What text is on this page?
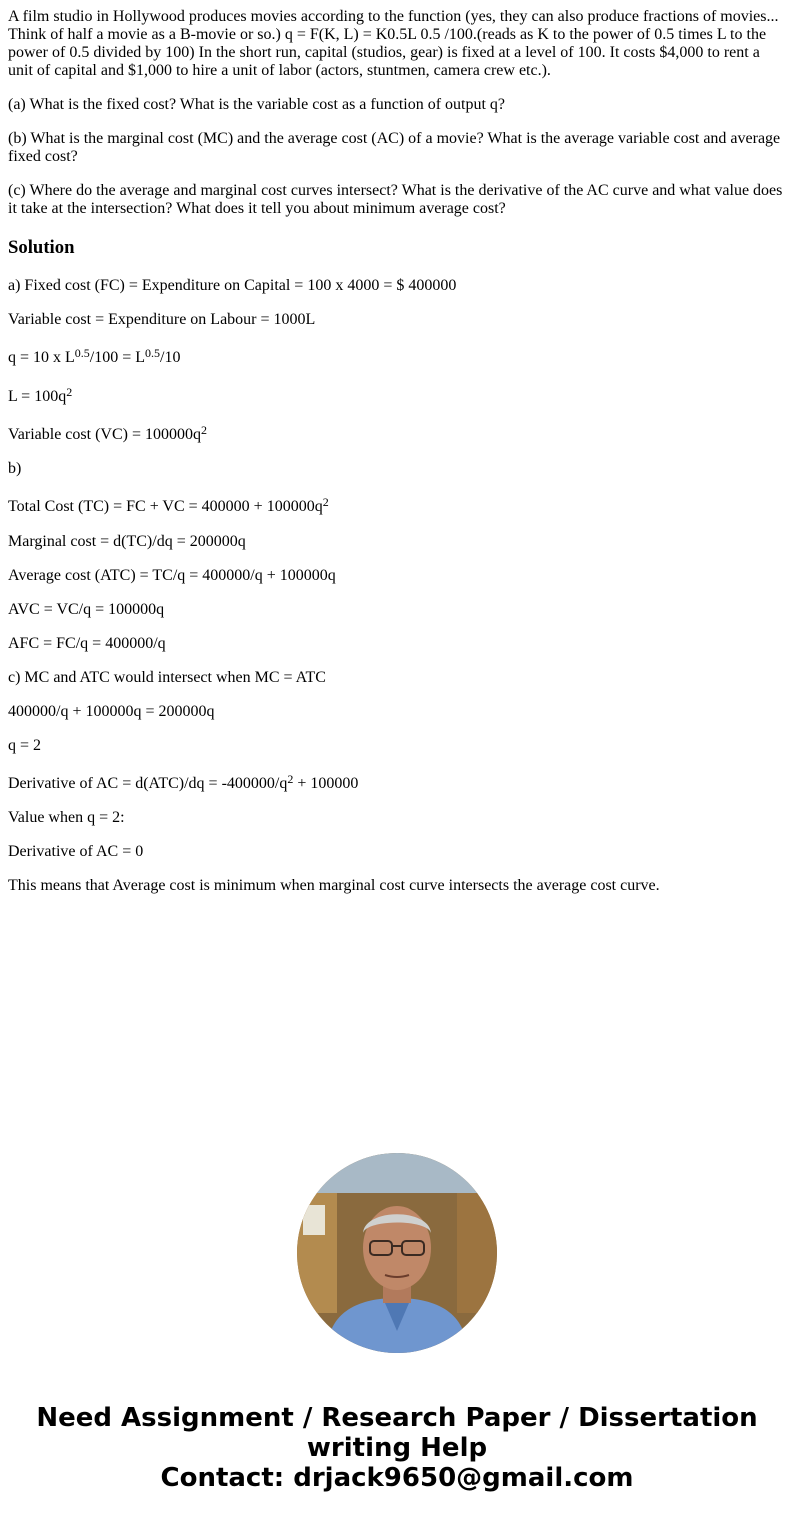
A film studio in Hollywood produces movies according to the function (yes, they can also produce fractions of movies... Think of half a movie as a B-movie or so.) q = F(K, L) = K0.5L 0.5 /100.(reads as K to the power of 0.5 times L to the power of 0.5 divided by 100) In the short run, capital (studios, gear) is fixed at a level of 100. It costs $4,000 to rent a unit of capital and $1,000 to hire a unit of labor (actors, stuntmen, camera crew etc.).

(a) What is the fixed cost? What is the variable cost as a function of output q?

(b) What is the marginal cost (MC) and the average cost (AC) of a movie? What is the average variable cost and average fixed cost?

(c) Where do the average and marginal cost curves intersect? What is the derivative of the AC curve and what value does it take at the intersection? What does it tell you about minimum average cost?

Solution

a) Fixed cost (FC) = Expenditure on Capital = 100 x 4000 = $ 400000

Variable cost = Expenditure on Labour = 1000L

q = 10 x $L^{0.5}/100 = L^{0.5}/10$

$L = 100q^2$

Variable cost $(VC) = 100000q^2$

b)

Total Cost (TC) = FC + VC = $400000 + 100000q^2$

Marginal cost = d(TC)/dq = 200000q

Average cost (ATC) = TC/q = 400000/q + 100000q

AVC = VC/q = 100000q

AFC = FC/q = 400000/q

c) MC and ATC would intersect when MC = ATC

400000/q + 100000q = 200000q

q = 2

Derivative of AC = $d(ATC)/dq = -400000/q^2 + 100000$

Value when q = 2:

Derivative of AC = 0

This means that Average cost is minimum when marginal cost curve intersects the average cost curve.

Need Assignment / Research Paper / Dissertation writing Help

Contact: drjack9650@gmail.com
